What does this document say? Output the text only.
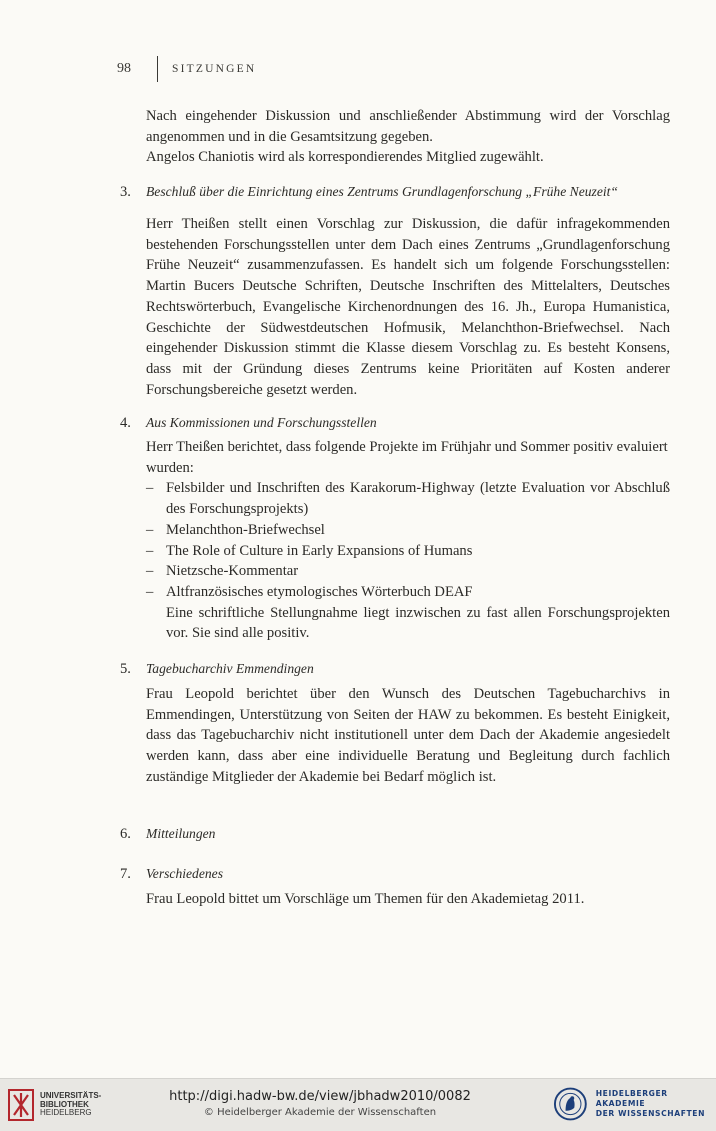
98	SITZUNGEN

Nach eingehender Diskussion und anschließender Abstimmung wird der Vorschlag angenommen und in die Gesamtsitzung gegeben.

Angelos Chaniotis wird als korrespondierendes Mitglied zugewählt.

3.	Beschluß über die Einrichtung eines Zentrums Grundlagenforschung „Frühe Neuzeit“

Herr Theißen stellt einen Vorschlag zur Diskussion, die dafür infragekommenden bestehenden Forschungsstellen unter dem Dach eines Zentrums „Grundlagenforschung Frühe Neuzeit“ zusammenzufassen. Es handelt sich um folgende Forschungsstellen: Martin Bucers Deutsche Schriften, Deutsche Inschriften des Mittelalters, Deutsches Rechtswörterbuch, Evangelische Kirchenordnungen des 16. Jh., Europa Humanistica, Geschichte der Südwestdeutschen Hofmusik, Melanchthon-Briefwechsel. Nach eingehender Diskussion stimmt die Klasse diesem Vorschlag zu. Es besteht Konsens, dass mit der Gründung dieses Zentrums keine Prioritäten auf Kosten anderer Forschungsbereiche gesetzt werden.

4.	Aus Kommissionen und Forschungsstellen

Herr Theißen berichtet, dass folgende Projekte im Frühjahr und Sommer positiv evaluiert wurden:

– Felsbilder und Inschriften des Karakorum-Highway (letzte Evaluation vor Abschluß des Forschungsprojekts)
– Melanchthon-Briefwechsel
– The Role of Culture in Early Expansions of Humans
– Nietzsche-Kommentar
– Altfranzösisches etymologisches Wörterbuch DEAF
Eine schriftliche Stellungnahme liegt inzwischen zu fast allen Forschungsprojekten vor. Sie sind alle positiv.
5.	Tagebucharchiv Emmendingen

Frau Leopold berichtet über den Wunsch des Deutschen Tagebucharchivs in Emmendingen, Unterstützung von Seiten der HAW zu bekommen. Es besteht Einigkeit, dass das Tagebucharchiv nicht institutionell unter dem Dach der Akademie angesiedelt werden kann, dass aber eine individuelle Beratung und Begleitung durch fachlich zuständige Mitglieder der Akademie bei Bedarf möglich ist.

6.	Mitteilungen
7.	Verschiedenes

Frau Leopold bittet um Vorschläge um Themen für den Akademietag 2011.

UNIVERSITÄTS-
BIBLIOTHEK
HEIDELBERG
http://digi.hadw-bw.de/view/jbhadw2010/0082
© Heidelberger Akademie der Wissenschaften
HEIDELBERGER AKADEMIE
DER WISSENSCHAFTEN
